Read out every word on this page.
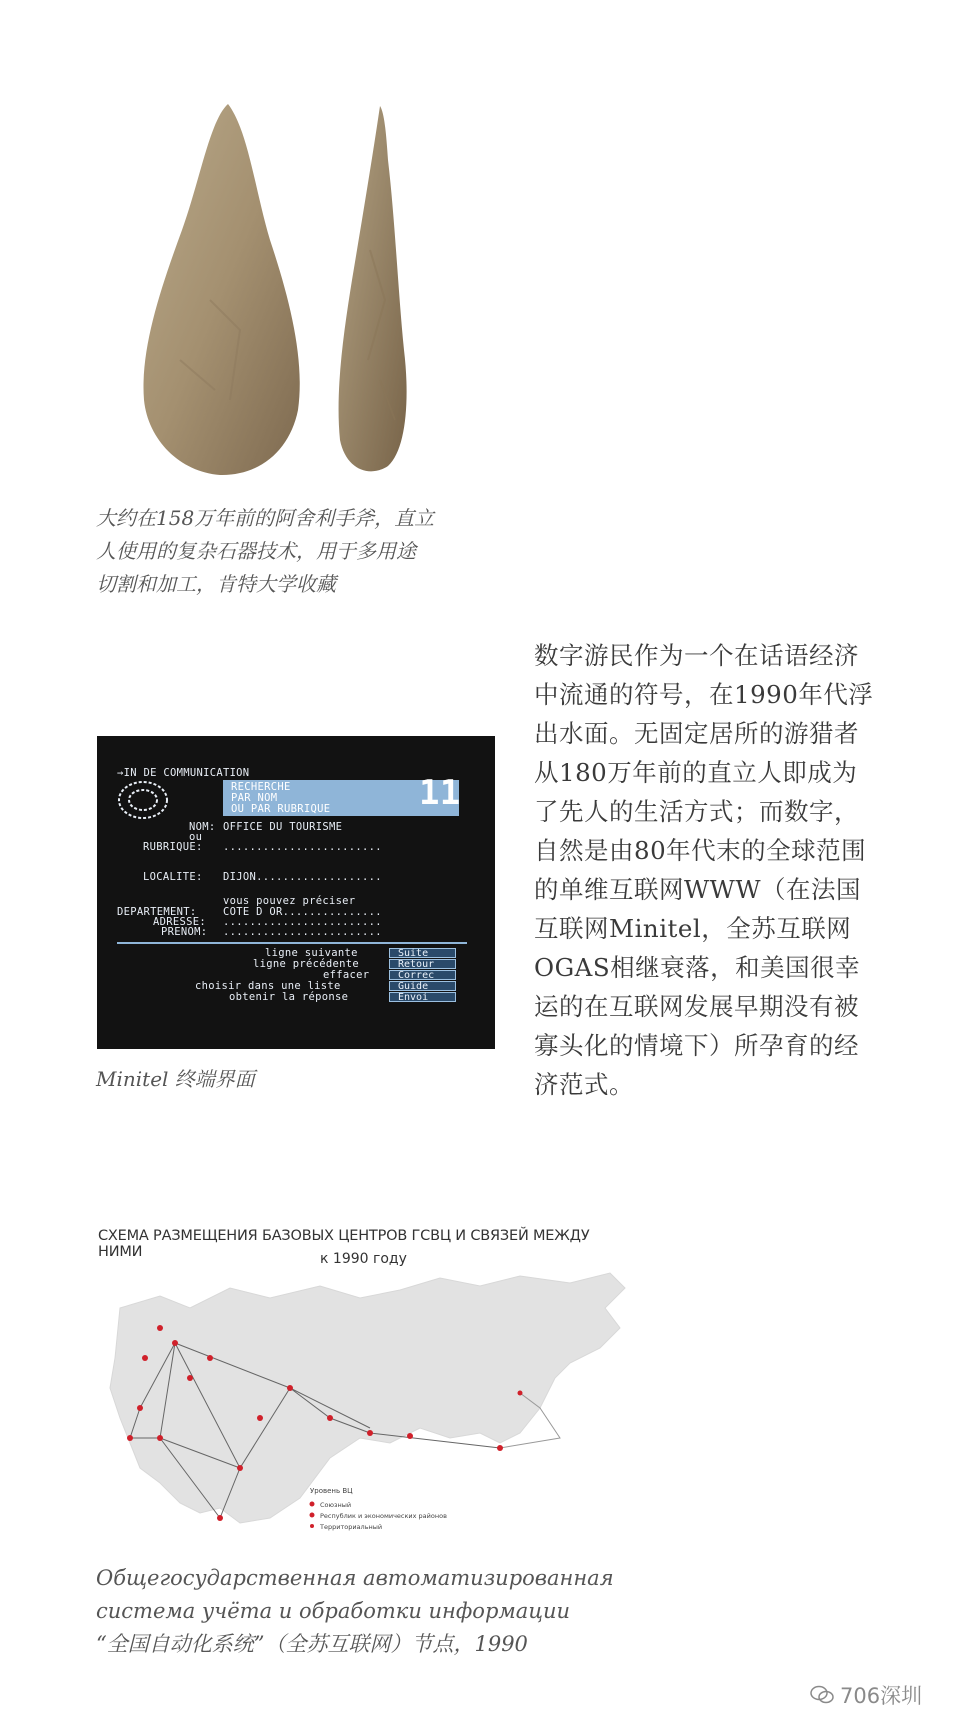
大约在158万年前的阿舍利手斧，直立
人使用的复杂石器技术，用于多用途
切割和加工，肯特大学收藏
数字游民作为一个在话语经济中流通的符号，在1990年代浮出水面。无固定居所的游猎者从180万年前的直立人即成为了先人的生活方式；而数字，自然是由80年代末的全球范围的单维互联网WWW（在法国互联网Minitel，全苏互联网OGAS相继衰落，和美国很幸运的在互联网发展早期没有被寡头化的情境下）所孕育的经济范式。
→IN DE COMMUNICATION
RECHERCHE
PAR NOM
OU PAR RUBRIQUE	11
NOM: OFFICE DU TOURISME
ou
RUBRIQUE: ........................
LOCALITE: DIJON...................
vous pouvez préciser
DEPARTEMENT:	COTE D OR...............
ADRESSE: ........................
PRENOM: ........................
ligne suivante	Suite
ligne précédente	Retour
effacer	Correc
choisir dans une liste	Guide
obtenir la réponse	Envoi
Minitel 终端界面
СХЕМА РАЗМЕЩЕНИЯ БАЗОВЫХ ЦЕНТРОВ ГСВЦ И СВЯЗЕЙ МЕЖДУ НИМИ	к 1990 году
Уровень ВЦ
Союзный
Республик и экономических районов
Территориальный
Общегосударственная автоматизированная
система учёта и обработки информации
“全国自动化系统”（全苏互联网）节点，1990
706深圳
